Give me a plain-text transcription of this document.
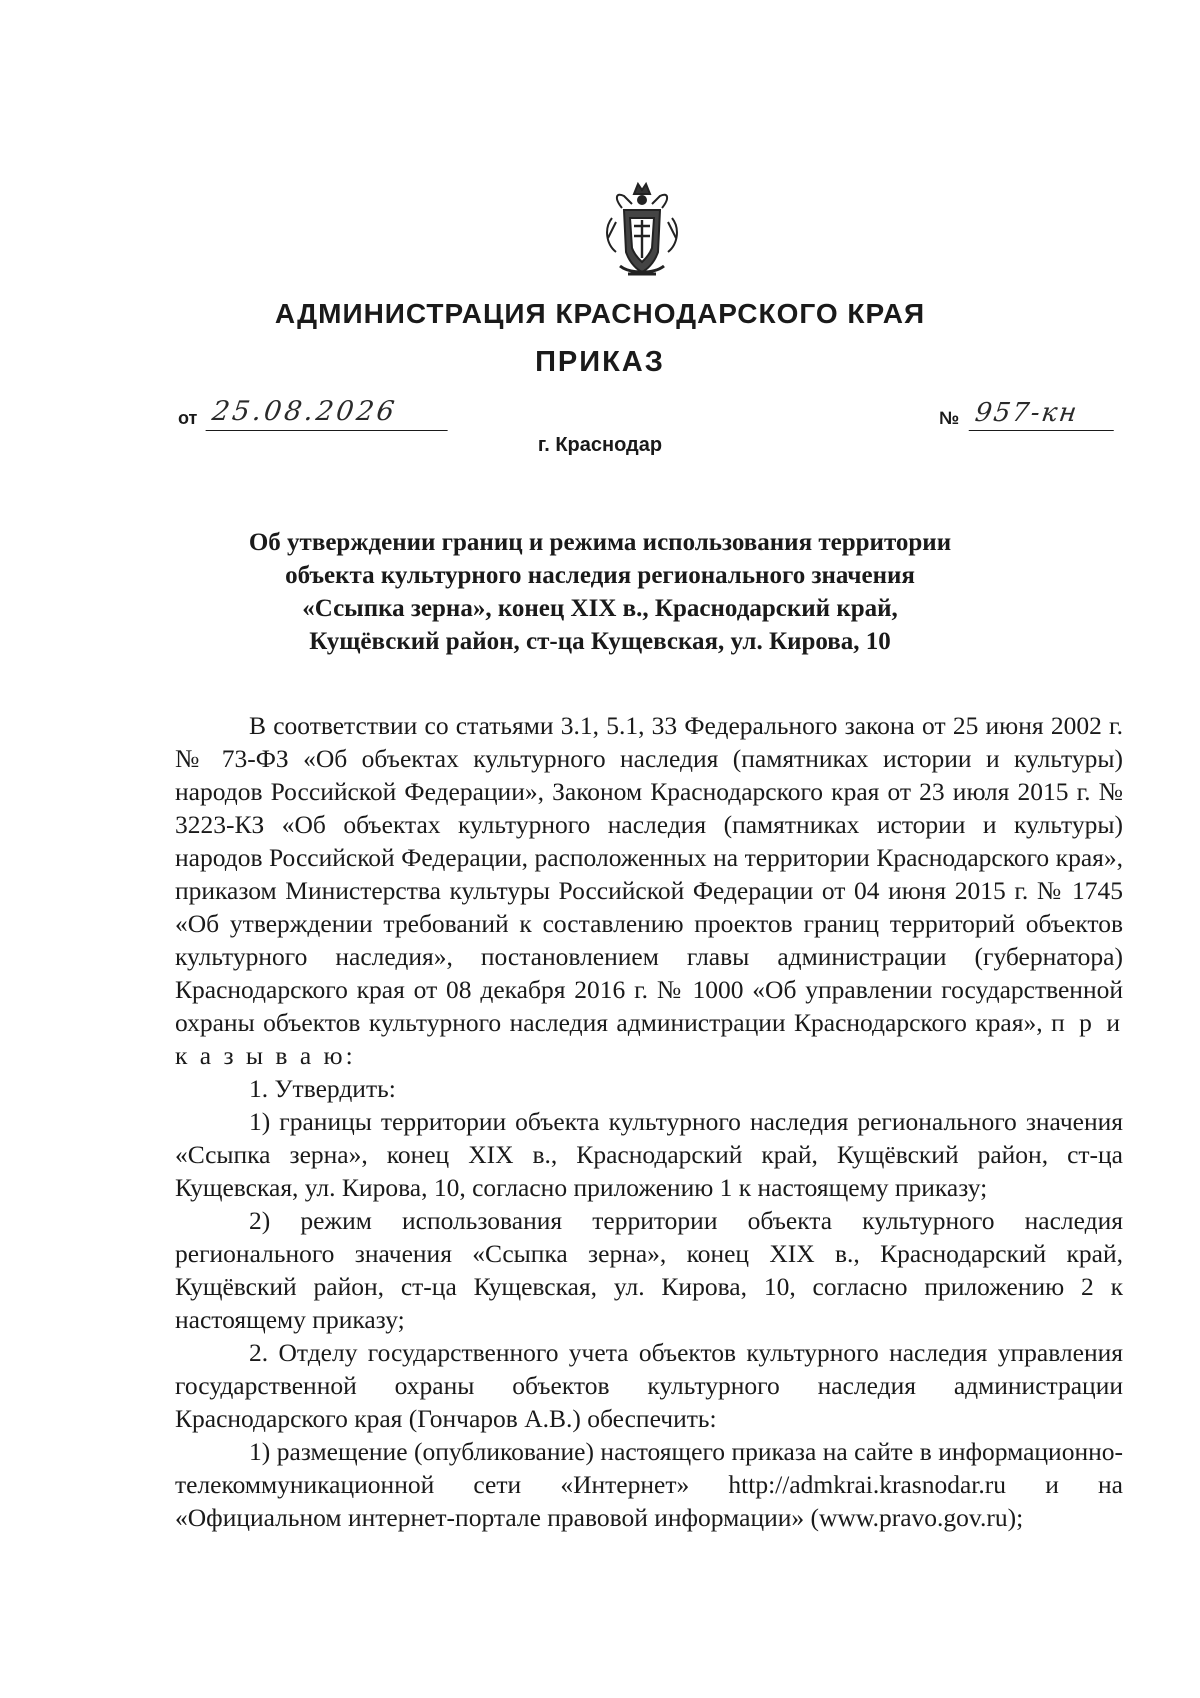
АДМИНИСТРАЦИЯ КРАСНОДАРСКОГО КРАЯ
ПРИКАЗ
от 25.08.2026	№ 957-кн
г. Краснодар
Об утверждении границ и режима использования территории
объекта культурного наследия регионального значения
«Ссыпка зерна», конец XIX в., Краснодарский край,
Кущёвский район, ст-ца Кущевская, ул. Кирова, 10
В соответствии со статьями 3.1, 5.1, 33 Федерального закона от 25 июня 2002 г. № 73-ФЗ «Об объектах культурного наследия (памятниках истории и культуры) народов Российской Федерации», Законом Краснодарского края от 23 июля 2015 г. № 3223-КЗ «Об объектах культурного наследия (памятниках истории и культуры) народов Российской Федерации, расположенных на территории Краснодарского края», приказом Министерства культуры Российской Федерации от 04 июня 2015 г. № 1745 «Об утверждении требований к составлению проектов границ территорий объектов культурного наследия», постановлением главы администрации (губернатора) Краснодарского края от 08 декабря 2016 г. № 1000 «Об управлении государственной охраны объектов культурного наследия администрации Краснодарского края», п р и к а з ы в а ю:
1. Утвердить:
1) границы территории объекта культурного наследия регионального значения «Ссыпка зерна», конец XIX в., Краснодарский край, Кущёвский район, ст-ца Кущевская, ул. Кирова, 10, согласно приложению 1 к настоящему приказу;
2) режим использования территории объекта культурного наследия регионального значения «Ссыпка зерна», конец XIX в., Краснодарский край, Кущёвский район, ст-ца Кущевская, ул. Кирова, 10, согласно приложению 2 к настоящему приказу;
2. Отделу государственного учета объектов культурного наследия управления государственной охраны объектов культурного наследия администрации Краснодарского края (Гончаров А.В.) обеспечить:
1) размещение (опубликование) настоящего приказа на сайте в информационно-телекоммуникационной сети «Интернет» http://admkrai.krasnodar.ru и на «Официальном интернет-портале правовой информации» (www.pravo.gov.ru);
